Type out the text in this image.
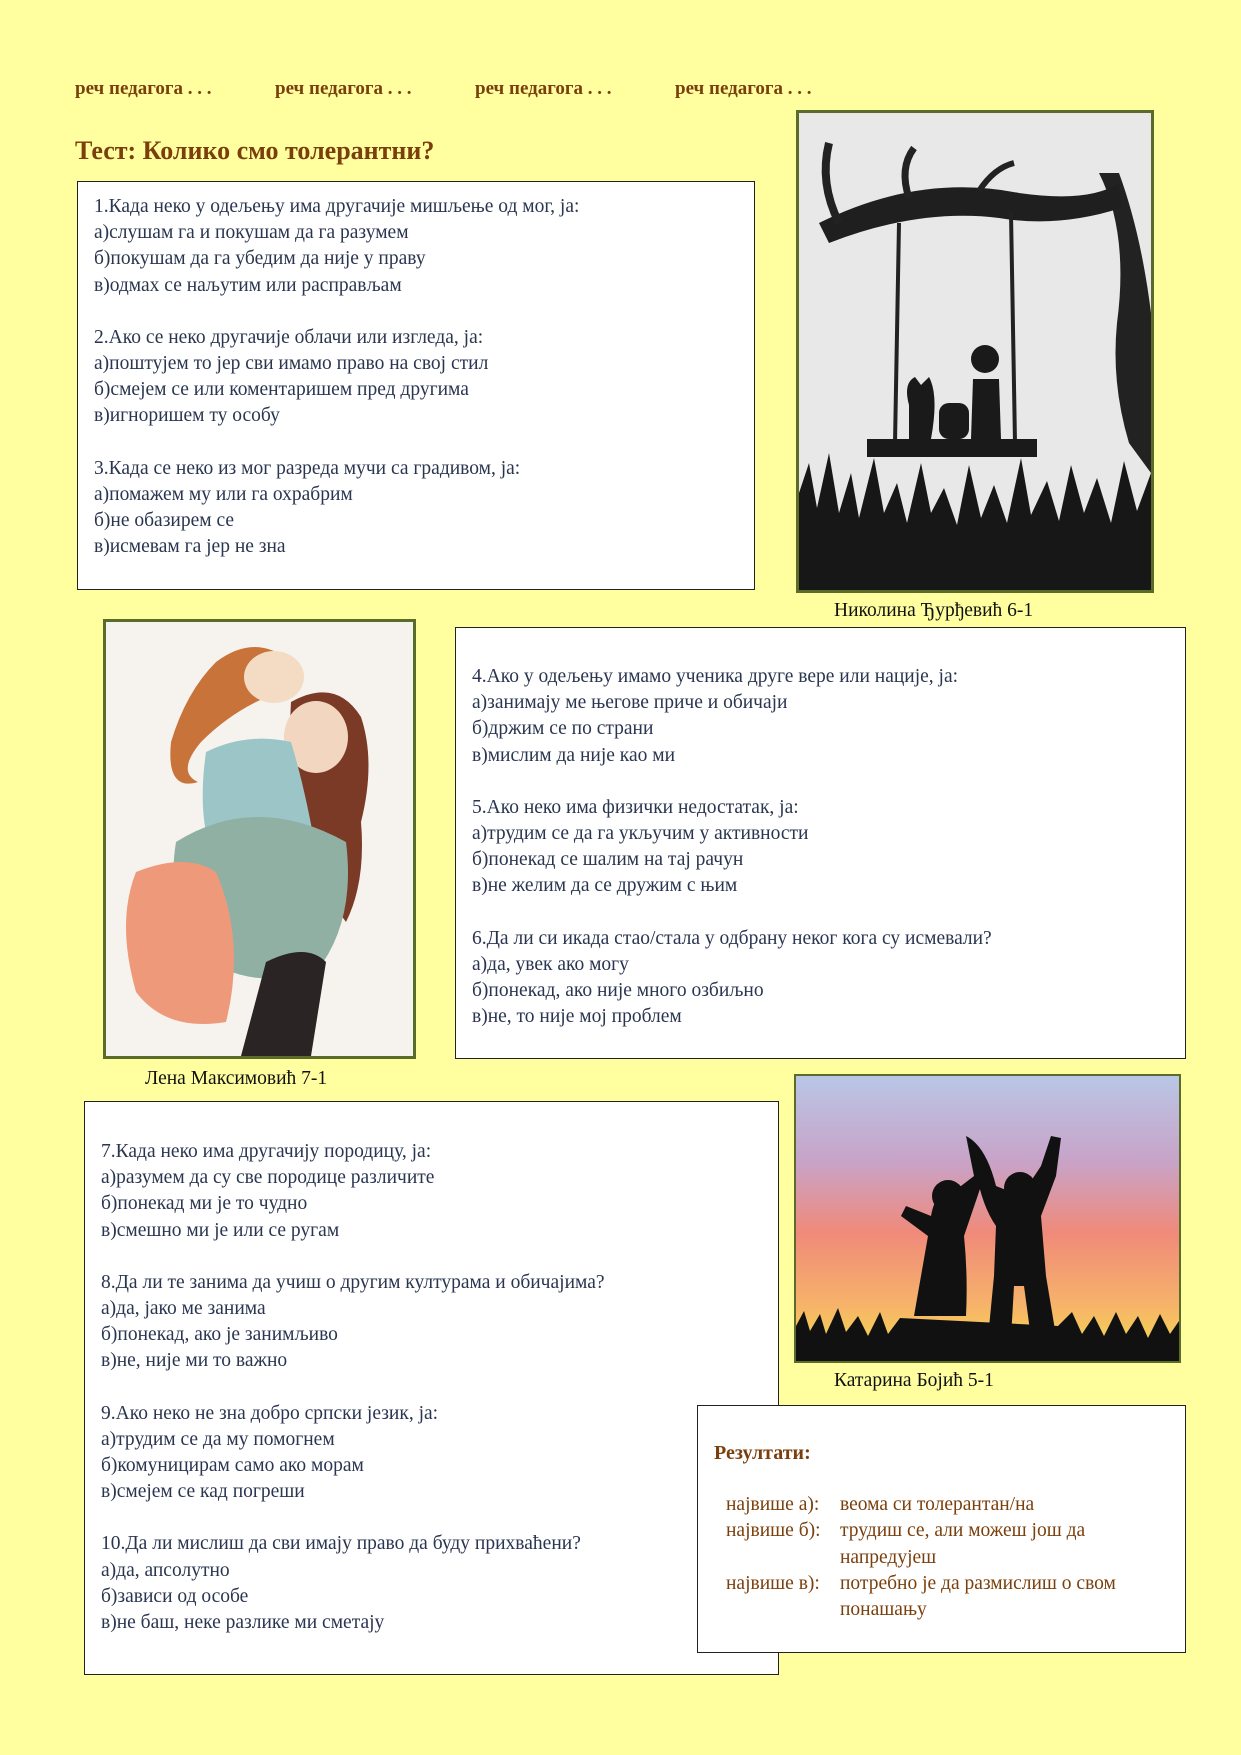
реч педагога . . .	реч педагога . . .	реч педагога . . .	реч педагога . . .
Тест: Колико смо толерантни?
1.Када неко у одељењу има другачије мишљење од мог, ја:
а)слушам га и покушам да га разумем
б)покушам да га убедим да није у праву
в)одмах се наљутим или расправљам
2.Ако се неко другачије облачи или изгледа, ја:
а)поштујем то јер сви имамо право на свој стил
б)смејем се или коментаришем пред другима
в)игноришем ту особу
3.Када се неко из мог разреда мучи са градивом, ја:
а)помажем му или га охрабрим
б)не обазирем се
в)исмевам га јер не зна
Николина Ђурђевић 6-1
Лена Максимовић 7-1
4.Ако у одељењу имамо ученика друге вере или нације, ја:
а)занимају ме његове приче и обичаји
б)држим се по страни
в)мислим да није као ми
5.Ако неко има физички недостатак, ја:
а)трудим се да га укључим у активности
б)понекад се шалим на тај рачун
в)не желим да се дружим с њим
6.Да ли си икада стао/стала у одбрану неког кога су исмевали?
а)да, увек ако могу
б)понекад, ако није много озбиљно
в)не, то није мој проблем
7.Када неко има другачију породицу, ја:
а)разумем да су све породице различите
б)понекад ми је то чудно
в)смешно ми је или се ругам
8.Да ли те занима да учиш о другим културама и обичајима?
а)да, јако ме занима
б)понекад, ако је занимљиво
в)не, није ми то важно
9.Ако неко не зна добро српски језик, ја:
а)трудим се да му помогнем
б)комуницирам само ако морам
в)смејем се кад погреши
10.Да ли мислиш да сви имају право да буду прихваћени?
а)да, апсолутно
б)зависи од особе
в)не баш, неке разлике ми сметају
Катарина Бојић 5-1
Резултати:
највише а):	веома си толерантан/на
највише б): трудиш се, али можеш још да напредујеш
највише в):	потребно је да размислиш о свом понашању
